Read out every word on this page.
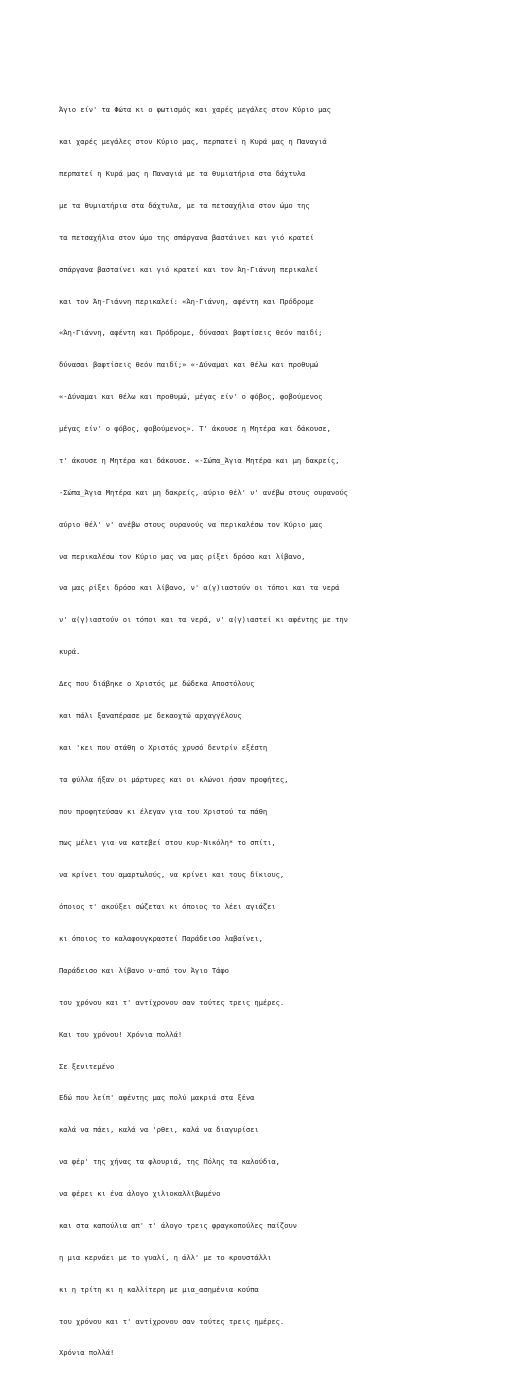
Άγιο είν' τα Φώτα κι ο φωτισμός και χαρές μεγάλες στον Κύριο μας

και χαρές μεγάλες στον Κύριο μας, περπατεί η Κυρά μας η Παναγιά

περπατεί η Κυρά μας η Παναγιά με τα θυμιατήρια στα δάχτυλα

με τα θυμιατήρια στα δάχτυλα, με τα πετσαχήλια στον ώμο της

τα πετσαχήλια στον ώμο της σπάργανα βαστάινει και γιό κρατεί

σπάργανα βασταίνει και γιό κρατεί και τον Άη-Γιάννη περικαλεί

και τον Άη-Γιάννη περικαλεί: «Άη-Γιάννη, αφέντη και Πρόδρομε

«Άη-Γιάννη, αφέντη και Πρόδρομε, δύνασαι βαφτίσεις θεόν παιδί;

δύνασαι βαφτίσεις θεόν παιδί;» «-Δύναμαι και θέλω και προθυμώ

«-Δύναμαι και θέλω και προθυμώ, μέγας είν' ο φόβος, φοβούμενος

μέγας είν' ο φόβος, φοβούμενος». Τ' άκουσε η Μητέρα και δάκουσε,

τ' άκουσε η Μητέρα και δάκουσε. «-Σώπα_Άγια Μητέρα και μη δακρείς,

-Σώπα_Άγια Μητέρα και μη δακρείς, αύριο θέλ' ν' ανέβω στους ουρανούς

αύριο θέλ' ν' ανέβω στους ουρανούς να περικαλέσω τον Κύριο μας

να περικαλέσω τον Κύριο μας να μας ρίξει δρόσο και λίβανο,

να μας ρίξει δρόσο και λίβανο, ν' α(γ)ιαστούν οι τόποι και τα νερά

ν' α(γ)ιαστούν οι τόποι και τα νερά, ν' α(γ)ιαστεί κι αφέντης με την

κυρά.

Δες που διάβηκε ο Χριστός με δώδεκα Αποστόλους

και πάλι ξαναπέρασε με δεκαοχτώ αρχαγγέλους

και 'κει που στάθη ο Χριστός χρυσό δεντρίν εξέστη

τα φύλλα ήξαν οι μάρτυρες και οι κλώνοι ήσαν προφήτες,

που προφητεύσαν κι έλεγαν για του Χριστού τα πάθη

πως μέλει για να κατεβεί στου κυρ-Νικόλη* το σπίτι,

να κρίνει του αμαρτωλούς, να κρίνει και τους δίκιους,

όποιος τ' ακούξει σώζεται κι όποιος το λέει αγιάζει

κι όποιος το καλαφουγκραστεί Παράδεισο λαβαίνει,

Παράδεισο και λίβανο ν-από τον Άγιο Τάφο

του χρόνου και τ' αντίχρονου σαν τούτες τρεις ημέρες.

Και του χρόνου! Χρόνια πολλά!

Σε ξενιτεμένο

Εδώ που λείπ' αφέντης μας πολύ μακριά στα ξένα

καλά να πάει, καλά να 'ρθει, καλά να διαγυρίσει

να φέρ' της χήνας τα φλουριά, της Πόλης τα καλούδια,

να φέρει κι ένα άλογο χιλιοκαλλιβωμένο

και στα καπούλια απ' τ' άλογο τρεις φραγκοπούλες παίζουν

η μια κερνάει με το γυαλί, η άλλ' με το κρουστάλλι

κι η τρίτη κι η καλλίτερη με μια_ασημένια κούπα

του χρόνου και τ' αντίχρονου σαν τούτες τρεις ημέρες.

Χρόνια πολλά!
